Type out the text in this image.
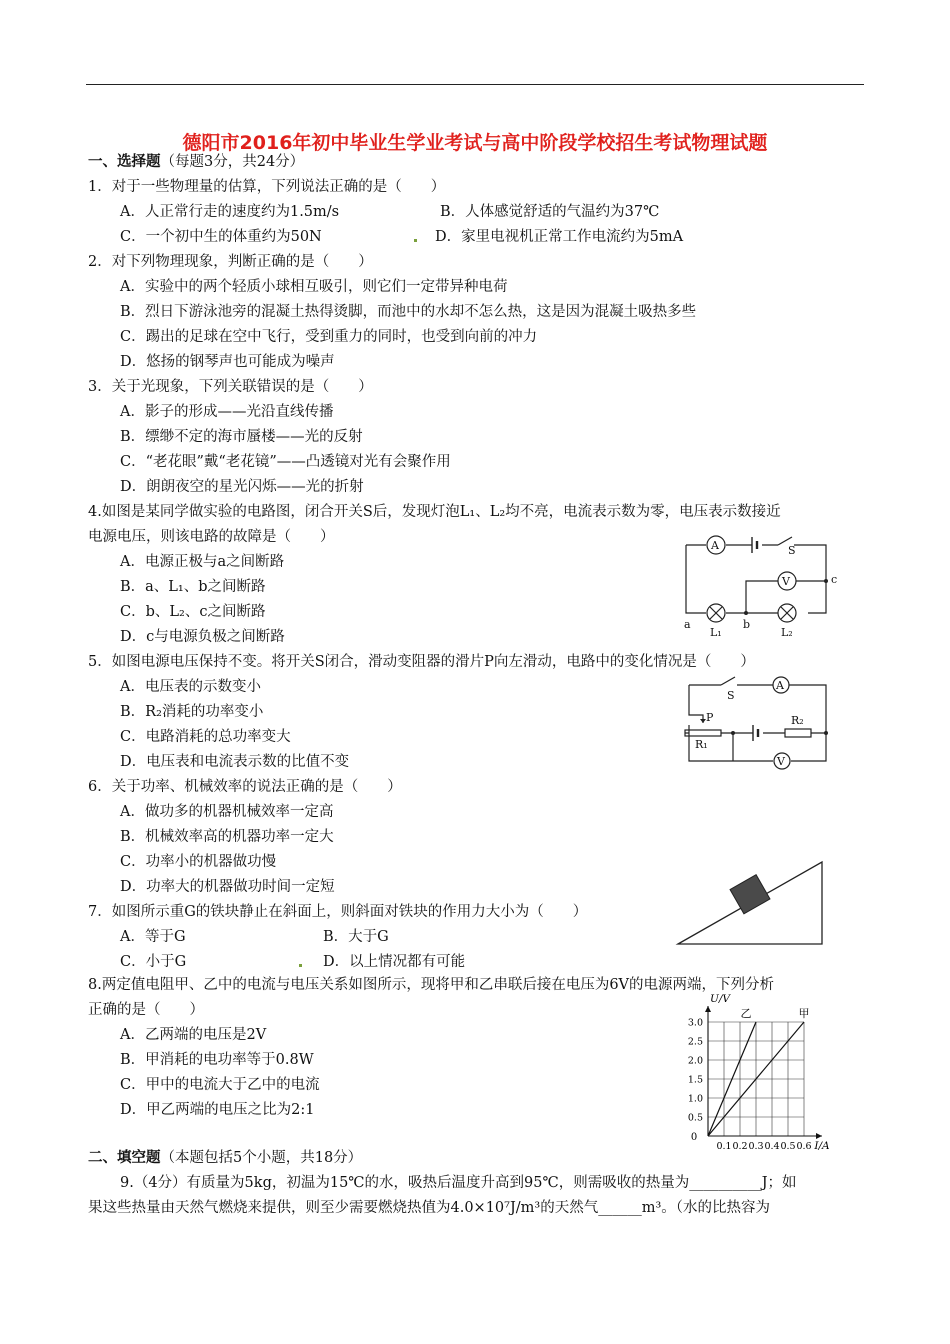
德阳市2016年初中毕业生学业考试与高中阶段学校招生考试物理试题
一、选择题（每题3分，共24分）
1．对于一些物理量的估算，下列说法正确的是（　　）
A．人正常行走的速度约为1.5m/s	B．人体感觉舒适的气温约为37℃
C．一个初中生的体重约为50N	D．家里电视机正常工作电流约为5mA
2．对下列物理现象，判断正确的是（　　）
A．实验中的两个轻质小球相互吸引，则它们一定带异种电荷
B．烈日下游泳池旁的混凝土热得烫脚，而池中的水却不怎么热，这是因为混凝土吸热多些
C．踢出的足球在空中飞行，受到重力的同时，也受到向前的冲力
D．悠扬的钢琴声也可能成为噪声
3．关于光现象，下列关联错误的是（　　）
A．影子的形成——光沿直线传播
B．缥缈不定的海市蜃楼——光的反射
C．“老花眼”戴“老花镜”——凸透镜对光有会聚作用
D．朗朗夜空的星光闪烁——光的折射
4.如图是某同学做实验的电路图，闭合开关S后，发现灯泡L₁、L₂均不亮，电流表示数为零，电压表示数接近
电源电压，则该电路的故障是（　　）
A．电源正极与a之间断路
B．a、L₁、b之间断路
C．b、L₂、c之间断路
D．c与电源负极之间断路
A
V
S
a	b
c
L₁	L₂
5．如图电源电压保持不变。将开关S闭合，滑动变阻器的滑片P向左滑动，电路中的变化情况是（　　）
A．电压表的示数变小
B．R₂消耗的功率变小
C．电路消耗的总功率变大
D．电压表和电流表示数的比值不变
S
A
P
R₁
R₂
V
6．关于功率、机械效率的说法正确的是（　　）
A．做功多的机器机械效率一定高
B．机械效率高的机器功率一定大
C．功率小的机器做功慢
D．功率大的机器做功时间一定短
7．如图所示重G的铁块静止在斜面上，则斜面对铁块的作用力大小为（　　）
A．等于G	B．大于G
C．小于G	D．以上情况都有可能
8.两定值电阻甲、乙中的电流与电压关系如图所示，现将甲和乙串联后接在电压为6V的电源两端，下列分析
正确的是（　　）
A．乙两端的电压是2V
B．甲消耗的电功率等于0.8W
C．甲中的电流大于乙中的电流
D．甲乙两端的电压之比为2:1
0.1 0.2 0.3 0.4 0.5 0.6
0.5
1.0
1.5
2.0
2.5
3.0
0
I/A
U/V
乙	甲
二、填空题（本题包括5个小题，共18分）
9.（4分）有质量为5kg，初温为15℃的水，吸热后温度升高到95℃，则需吸收的热量为__________J；如
果这些热量由天然气燃烧来提供，则至少需要燃烧热值为4.0×10⁷J/m³的天然气______m³。（水的比热容为
